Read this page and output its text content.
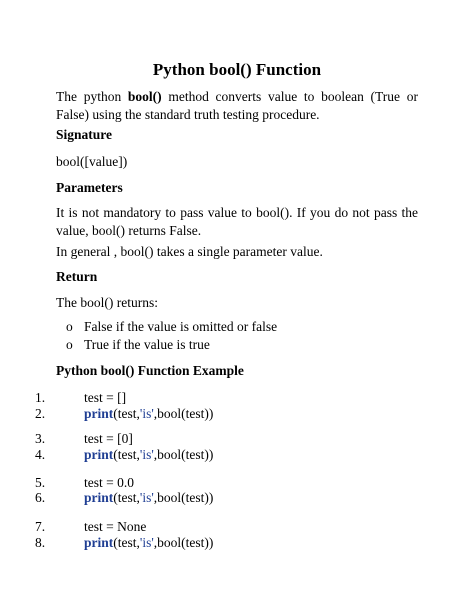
Python bool() Function
The python bool() method converts value to boolean (True or False) using the standard truth testing procedure.
Signature
bool([value])
Parameters
It is not mandatory to pass value to bool(). If you do not pass the value, bool() returns False.
In general , bool() takes a single parameter value.
Return
The bool() returns:
o False if the value is omitted or false
o True if the value is true
Python bool() Function Example
1.	test = []
2.	print(test,'is',bool(test))
3.	test = [0]
4.	print(test,'is',bool(test))
5.	test = 0.0
6.	print(test,'is',bool(test))
7.	test = None
8.	print(test,'is',bool(test))
